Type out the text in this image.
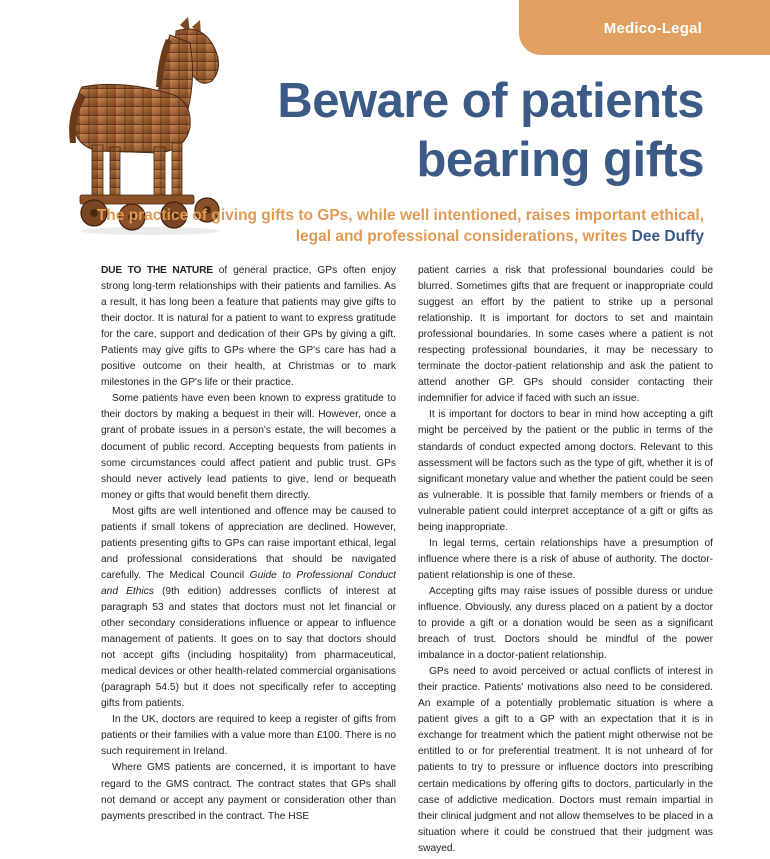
Medico-Legal
Beware of patients
bearing gifts
The practice of giving gifts to GPs, while well intentioned, raises important ethical, legal and professional considerations, writes Dee Duffy

DUE TO THE NATURE of general practice, GPs often enjoy strong long-term relationships with their patients and families. As a result, it has long been a feature that patients may give gifts to their doctor. It is natural for a patient to want to express gratitude for the care, support and dedication of their GPs by giving a gift. Patients may give gifts to GPs where the GP's care has had a positive outcome on their health, at Christmas or to mark milestones in the GP's life or their practice.

Some patients have even been known to express gratitude to their doctors by making a bequest in their will. However, once a grant of probate issues in a person's estate, the will becomes a document of public record. Accepting bequests from patients in some circumstances could affect patient and public trust. GPs should never actively lead patients to give, lend or bequeath money or gifts that would benefit them directly.

Most gifts are well intentioned and offence may be caused to patients if small tokens of appreciation are declined. However, patients presenting gifts to GPs can raise important ethical, legal and professional considerations that should be navigated carefully. The Medical Council Guide to Professional Conduct and Ethics (9th edition) addresses conflicts of interest at paragraph 53 and states that doctors must not let financial or other secondary considerations influence or appear to influence management of patients. It goes on to say that doctors should not accept gifts (including hospitality) from pharmaceutical, medical devices or other health-related commercial organisations (paragraph 54.5) but it does not specifically refer to accepting gifts from patients.

In the UK, doctors are required to keep a register of gifts from patients or their families with a value more than £100. There is no such requirement in Ireland.

Where GMS patients are concerned, it is important to have regard to the GMS contract. The contract states that GPs shall not demand or accept any payment or consideration other than payments prescribed in the contract. The HSE

patient carries a risk that professional boundaries could be blurred. Sometimes gifts that are frequent or inappropriate could suggest an effort by the patient to strike up a personal relationship. It is important for doctors to set and maintain professional boundaries. In some cases where a patient is not respecting professional boundaries, it may be necessary to terminate the doctor-patient relationship and ask the patient to attend another GP. GPs should consider contacting their indemnifier for advice if faced with such an issue.

It is important for doctors to bear in mind how accepting a gift might be perceived by the patient or the public in terms of the standards of conduct expected among doctors. Relevant to this assessment will be factors such as the type of gift, whether it is of significant monetary value and whether the patient could be seen as vulnerable. It is possible that family members or friends of a vulnerable patient could interpret acceptance of a gift or gifts as being inappropriate.

In legal terms, certain relationships have a presumption of influence where there is a risk of abuse of authority. The doctor-patient relationship is one of these.

Accepting gifts may raise issues of possible duress or undue influence. Obviously, any duress placed on a patient by a doctor to provide a gift or a donation would be seen as a significant breach of trust. Doctors should be mindful of the power imbalance in a doctor-patient relationship.

GPs need to avoid perceived or actual conflicts of interest in their practice. Patients' motivations also need to be considered. An example of a potentially problematic situation is where a patient gives a gift to a GP with an expectation that it is in exchange for treatment which the patient might otherwise not be entitled to or for preferential treatment. It is not unheard of for patients to try to pressure or influence doctors into prescribing certain medications by offering gifts to doctors, particularly in the case of addictive medication. Doctors must remain impartial in their clinical judgment and not allow themselves to be placed in a situation where it could be construed that their judgment was swayed.
